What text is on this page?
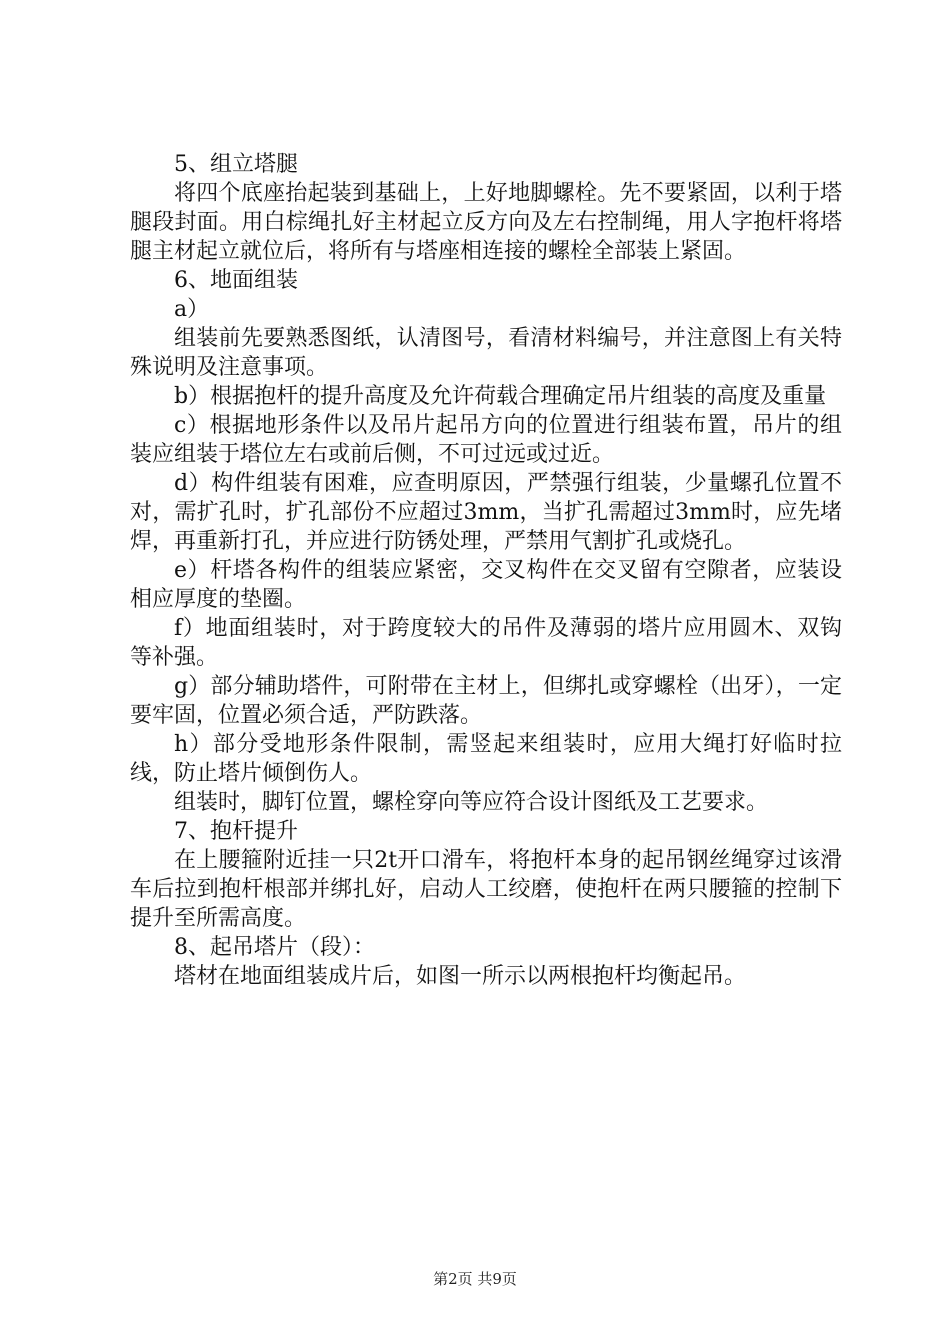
5、组立塔腿

将四个底座抬起装到基础上，上好地脚螺栓。先不要紧固，以利于塔腿段封面。用白棕绳扎好主材起立反方向及左右控制绳，用人字抱杆将塔腿主材起立就位后，将所有与塔座相连接的螺栓全部装上紧固。

6、地面组装

a）

组装前先要熟悉图纸，认清图号，看清材料编号，并注意图上有关特殊说明及注意事项。

b）根据抱杆的提升高度及允许荷载合理确定吊片组装的高度及重量

c）根据地形条件以及吊片起吊方向的位置进行组装布置，吊片的组装应组装于塔位左右或前后侧，不可过远或过近。

d）构件组装有困难，应查明原因，严禁强行组装，少量螺孔位置不对，需扩孔时，扩孔部份不应超过3mm，当扩孔需超过3mm时，应先堵焊，再重新打孔，并应进行防锈处理，严禁用气割扩孔或烧孔。

e）杆塔各构件的组装应紧密，交叉构件在交叉留有空隙者，应装设相应厚度的垫圈。

f）地面组装时，对于跨度较大的吊件及薄弱的塔片应用圆木、双钩等补强。

g）部分辅助塔件，可附带在主材上，但绑扎或穿螺栓（出牙），一定要牢固，位置必须合适，严防跌落。

h）部分受地形条件限制，需竖起来组装时，应用大绳打好临时拉线，防止塔片倾倒伤人。

组装时，脚钉位置，螺栓穿向等应符合设计图纸及工艺要求。

7、抱杆提升

在上腰箍附近挂一只2t开口滑车，将抱杆本身的起吊钢丝绳穿过该滑车后拉到抱杆根部并绑扎好，启动人工绞磨，使抱杆在两只腰箍的控制下提升至所需高度。

8、起吊塔片（段）：

塔材在地面组装成片后，如图一所示以两根抱杆均衡起吊。

第2页 共9页
